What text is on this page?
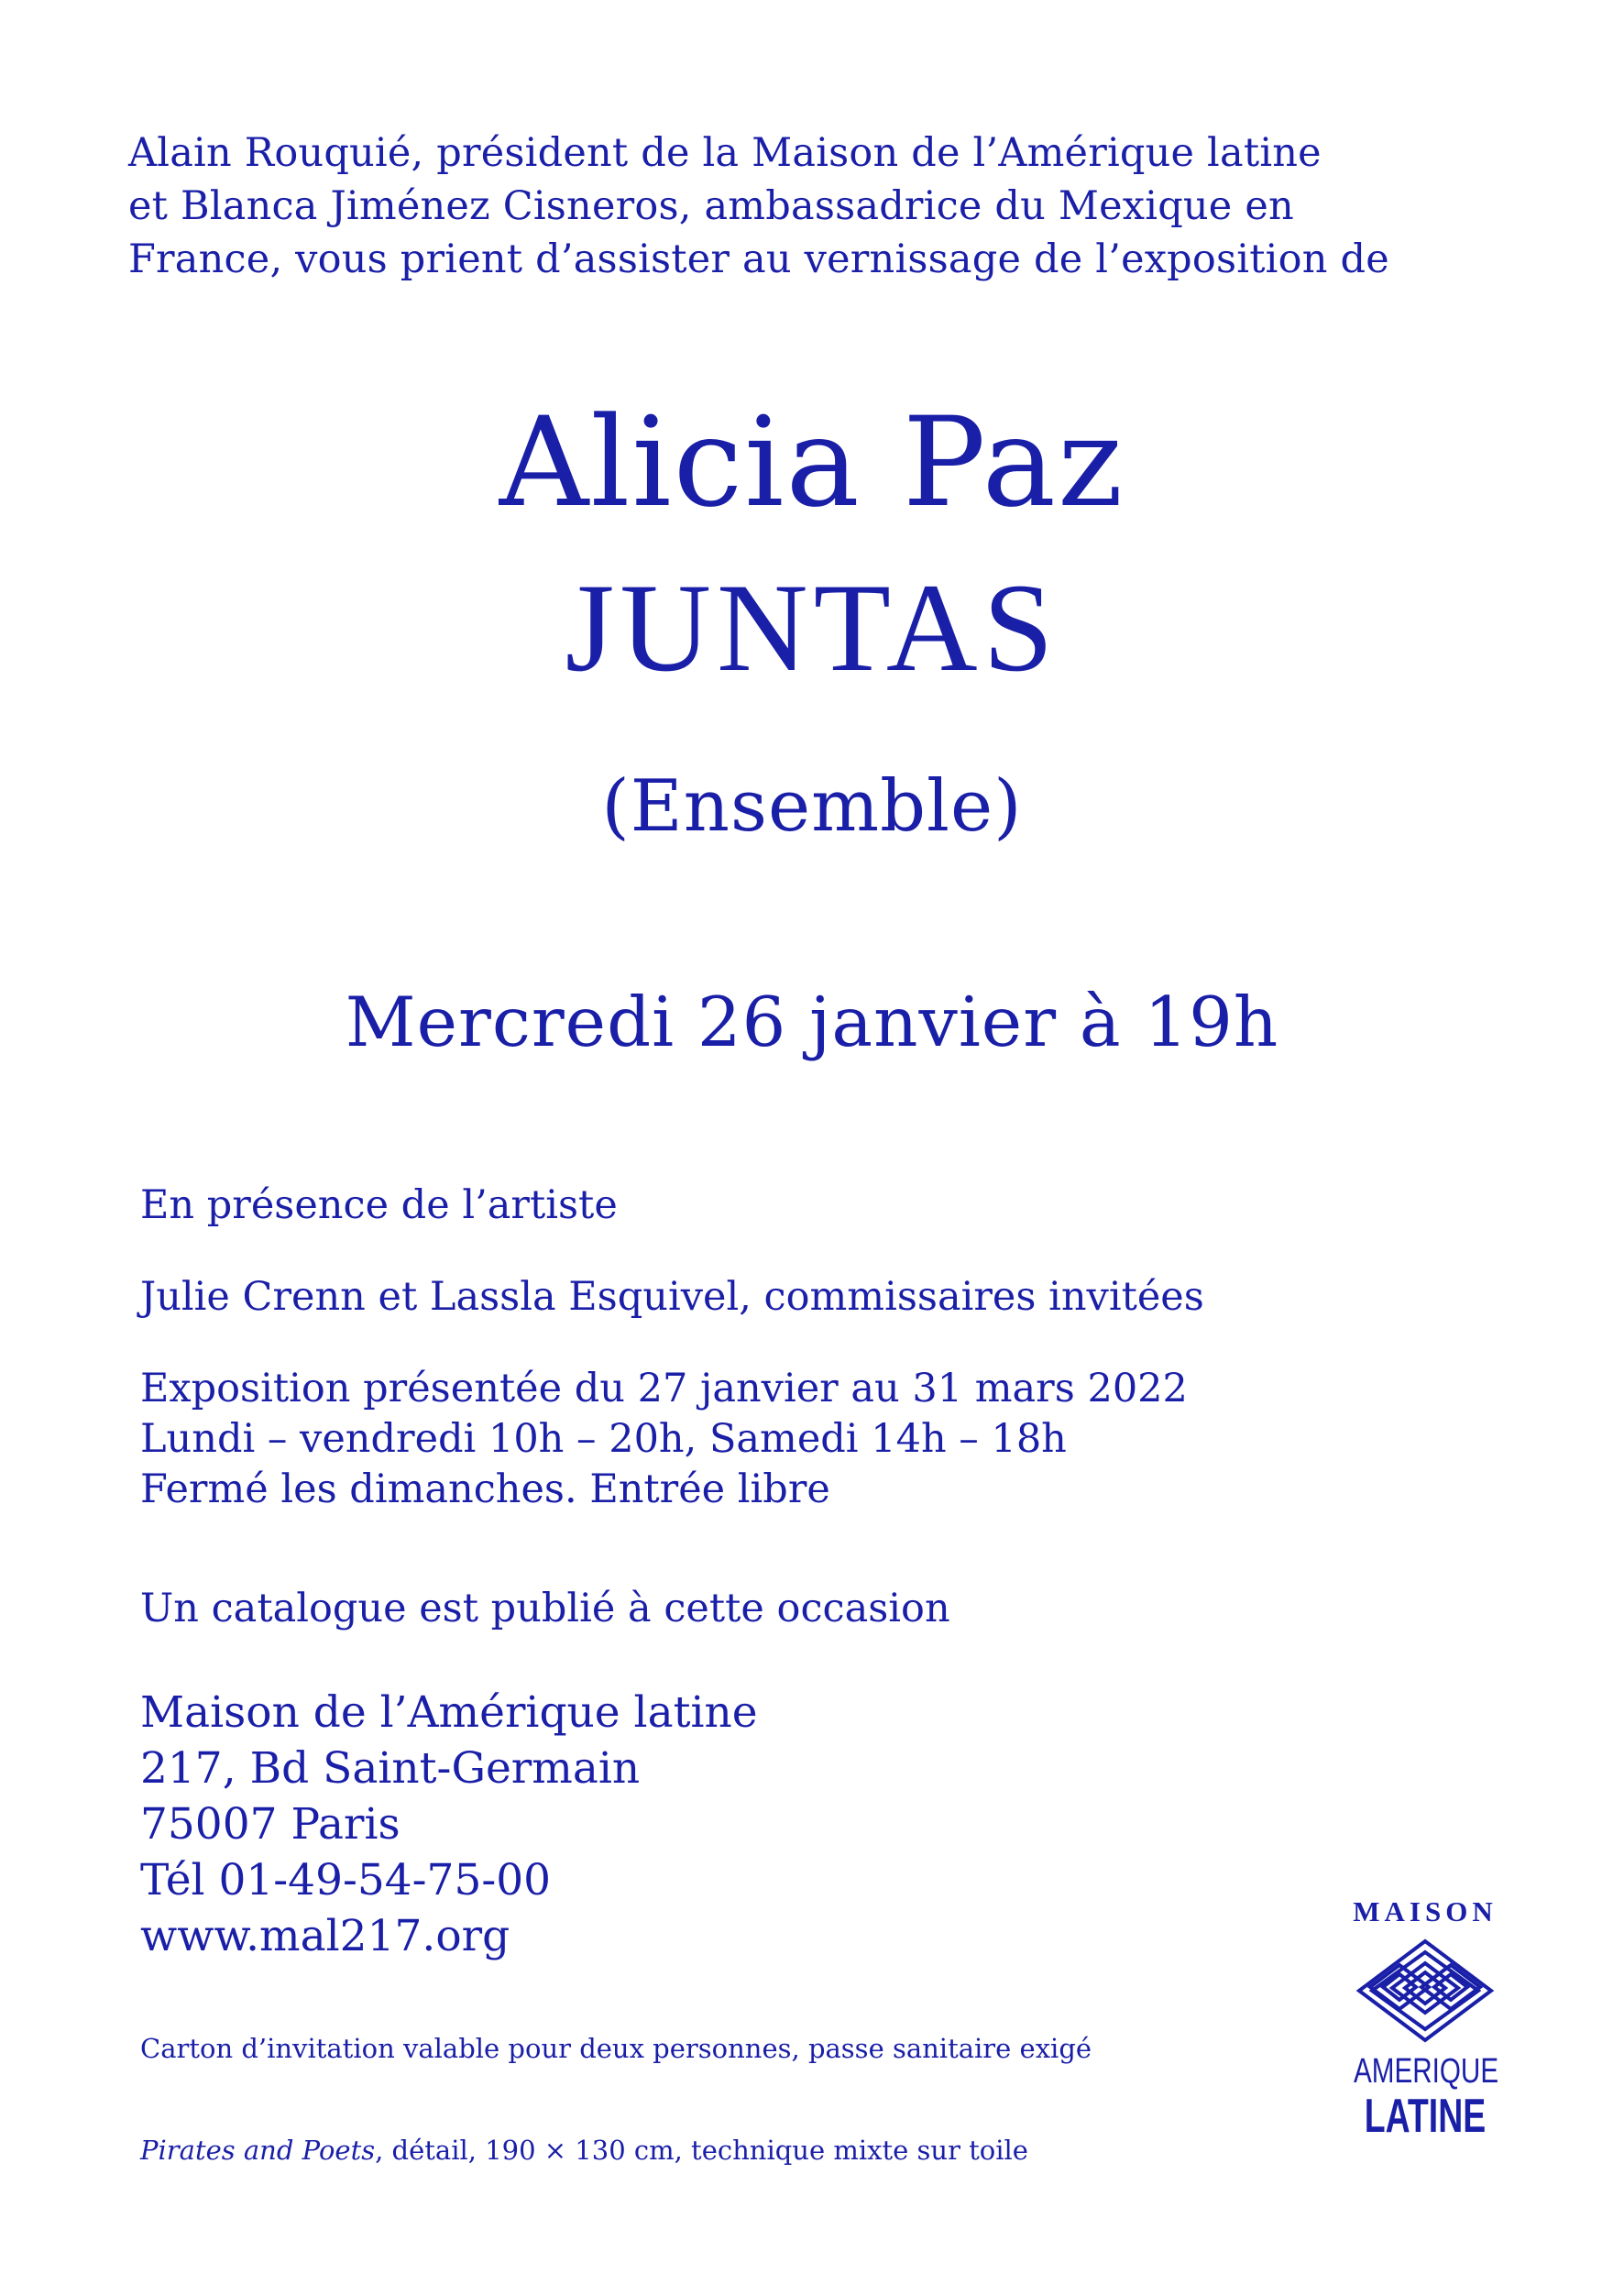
Alain Rouquié, président de la Maison de l’Amérique latine
et Blanca Jiménez Cisneros, ambassadrice du Mexique en
France, vous prient d’assister au vernissage de l’exposition de
Alicia Paz
JUNTAS
(Ensemble)
Mercredi 26 janvier à 19h
En présence de l’artiste
Julie Crenn et Lassla Esquivel, commissaires invitées
Exposition présentée du 27 janvier au 31 mars 2022
Lundi – vendredi 10h – 20h, Samedi 14h – 18h
Fermé les dimanches. Entrée libre
Un catalogue est publié à cette occasion
Maison de l’Amérique latine
217, Bd Saint-Germain
75007 Paris
Tél 01-49-54-75-00
www.mal217.org
Carton d’invitation valable pour deux personnes, passe sanitaire exigé
Pirates and Poets, détail, 190 × 130 cm, technique mixte sur toile
MAISON
AMERIQUE
LATINE
